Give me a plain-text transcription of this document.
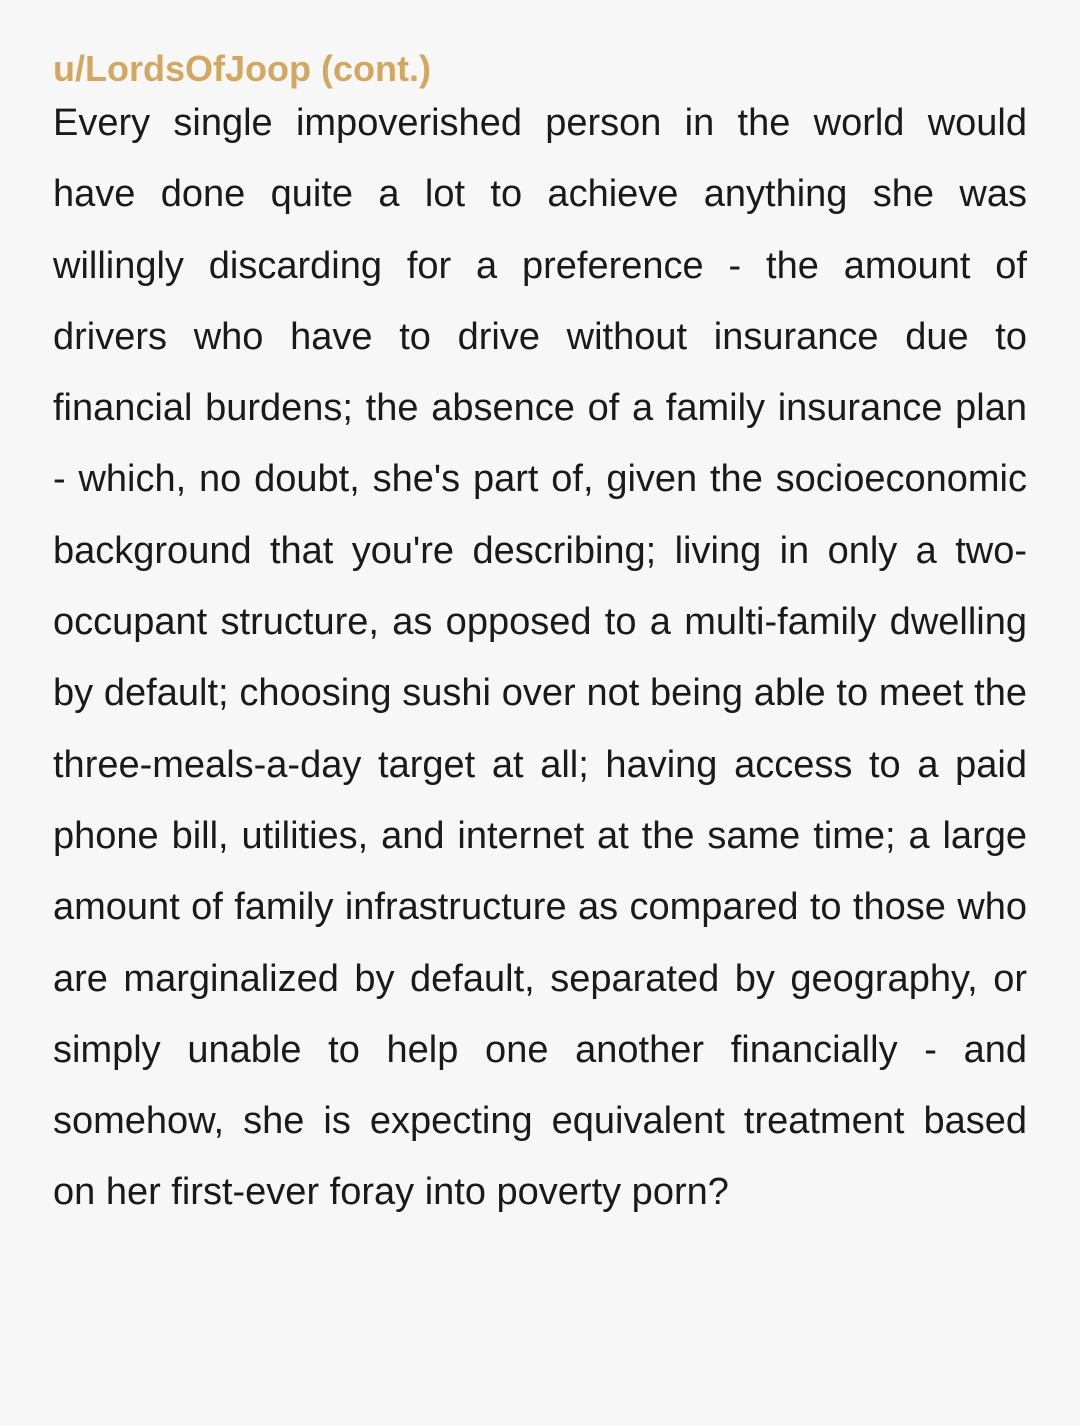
u/LordsOfJoop (cont.)

Every single impoverished person in the world would have done quite a lot to achieve anything she was willingly discarding for a preference - the amount of drivers who have to drive without insurance due to financial burdens; the absence of a family insurance plan - which, no doubt, she's part of, given the socioeconomic background that you're describing; living in only a two-occupant structure, as opposed to a multi-family dwelling by default; choosing sushi over not being able to meet the three-meals-a-day target at all; having access to a paid phone bill, utilities, and internet at the same time; a large amount of family infrastructure as compared to those who are marginalized by default, separated by geography, or simply unable to help one another financially - and somehow, she is expecting equivalent treatment based on her first-ever foray into poverty porn?
